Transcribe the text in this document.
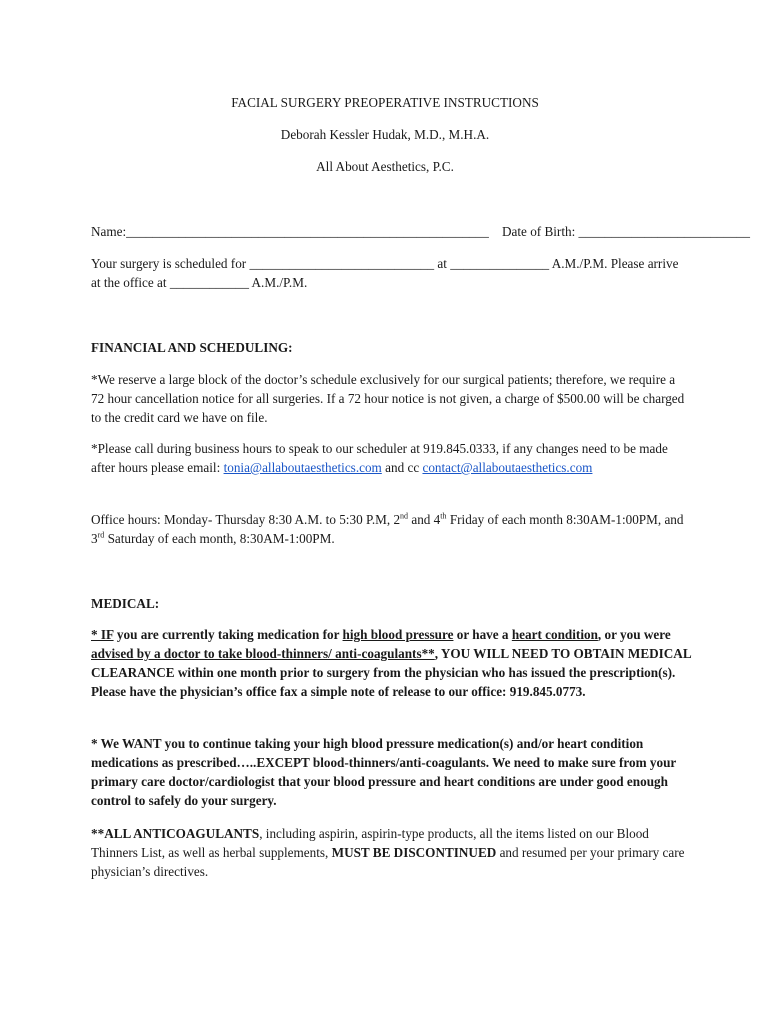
FACIAL SURGERY PREOPERATIVE INSTRUCTIONS
Deborah Kessler Hudak, M.D., M.H.A.
All About Aesthetics, P.C.
Name:_______________________________________________________ Date of Birth: __________________________
Your surgery is scheduled for ____________________________ at _______________ A.M./P.M. Please arrive
at the office at ____________ A.M./P.M.
FINANCIAL AND SCHEDULING:

*We reserve a large block of the doctor’s schedule exclusively for our surgical patients; therefore, we require a 72 hour cancellation notice for all surgeries. If a 72 hour notice is not given, a charge of $500.00 will be charged to the credit card we have on file.

*Please call during business hours to speak to our scheduler at 919.845.0333, if any changes need to be made after hours please email: tonia@allaboutaesthetics.com and cc contact@allaboutaesthetics.com

Office hours: Monday- Thursday 8:30 A.M. to 5:30 P.M, 2nd and 4th Friday of each month 8:30AM-1:00PM, and 3rd Saturday of each month, 8:30AM-1:00PM.

MEDICAL:

* IF you are currently taking medication for high blood pressure or have a heart condition, or you were advised by a doctor to take blood-thinners/ anti-coagulants**, YOU WILL NEED TO OBTAIN MEDICAL CLEARANCE within one month prior to surgery from the physician who has issued the prescription(s). Please have the physician’s office fax a simple note of release to our office: 919.845.0773.

* We WANT you to continue taking your high blood pressure medication(s) and/or heart condition medications as prescribed…..EXCEPT blood-thinners/anti-coagulants. We need to make sure from your primary care doctor/cardiologist that your blood pressure and heart conditions are under good enough control to safely do your surgery.

**ALL ANTICOAGULANTS, including aspirin, aspirin-type products, all the items listed on our Blood Thinners List, as well as herbal supplements, MUST BE DISCONTINUED and resumed per your primary care physician’s directives.
